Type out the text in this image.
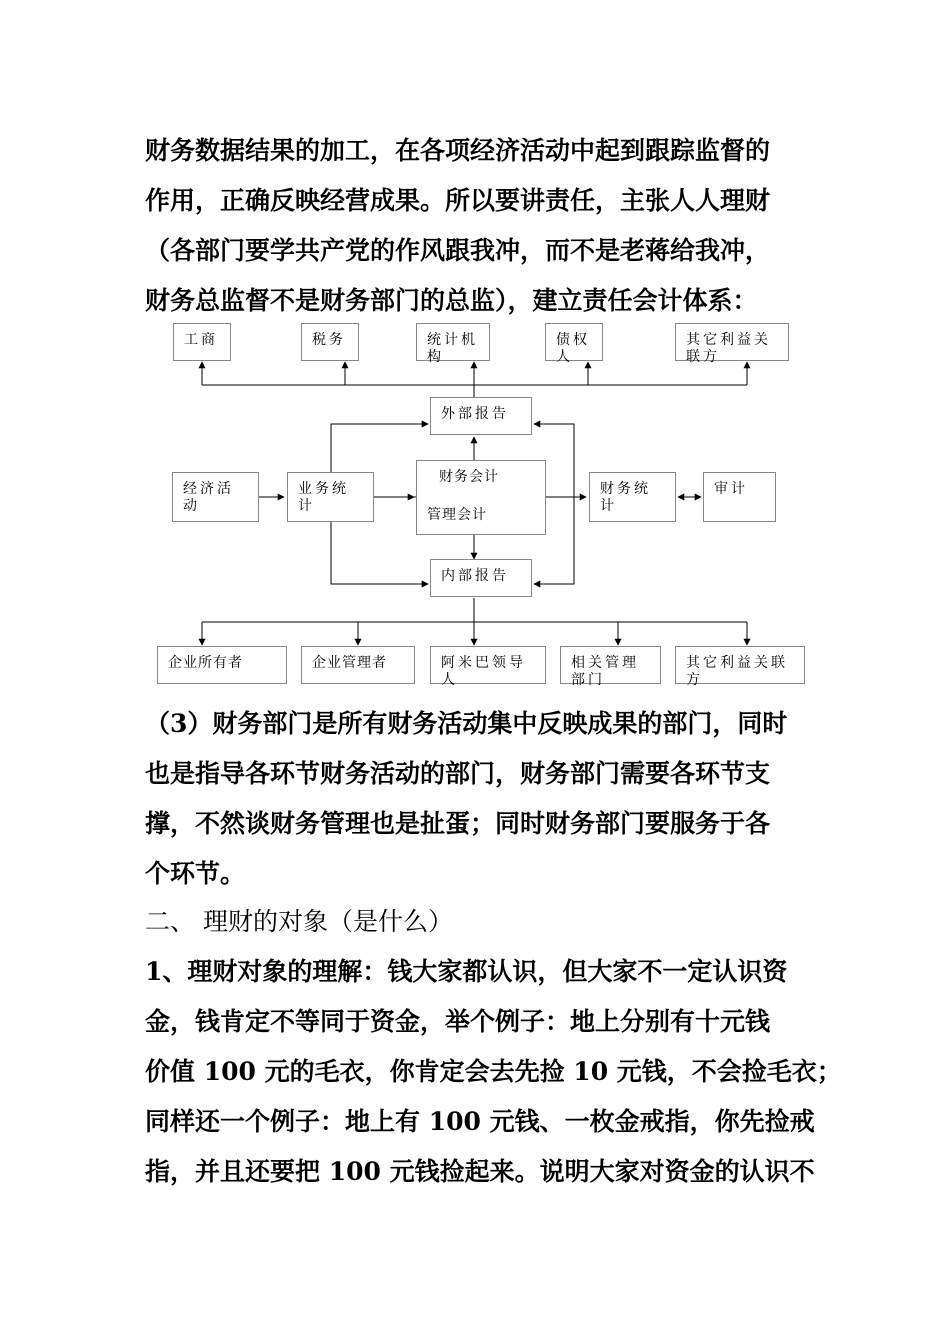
财务数据结果的加工，在各项经济活动中起到跟踪监督的
作用，正确反映经营成果。所以要讲责任，主张人人理财
（各部门要学共产党的作风跟我冲，而不是老蒋给我冲，
财务总监督不是财务部门的总监），建立责任会计体系：
工商	税务	统计机构
债权人
其它利益关联方
外部报告
经济活动
业务统计
财务会计
管理会计
财务统计
审计
内部报告
企业所有者	企业管理者	阿米巴领导人
相关管理部门
其它利益关联方
（3）财务部门是所有财务活动集中反映成果的部门，同时
也是指导各环节财务活动的部门，财务部门需要各环节支
撑，不然谈财务管理也是扯蛋；同时财务部门要服务于各
个环节。
二、 理财的对象（是什么）
1、理财对象的理解：钱大家都认识，但大家不一定认识资
金，钱肯定不等同于资金，举个例子：地上分别有十元钱
价值 100 元的毛衣，你肯定会去先捡 10 元钱，不会捡毛衣；
同样还一个例子：地上有 100 元钱、一枚金戒指，你先捡戒
指，并且还要把 100 元钱捡起来。说明大家对资金的认识不
